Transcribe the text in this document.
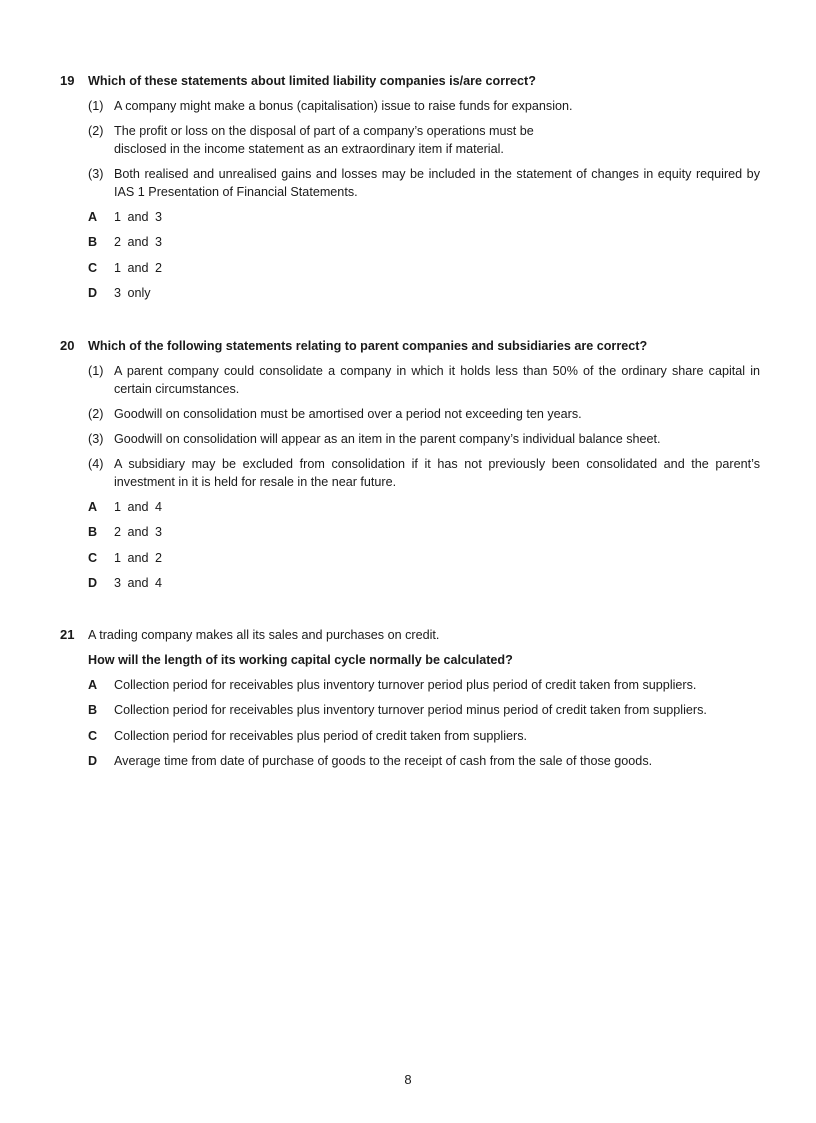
19	Which of these statements about limited liability companies is/are correct?
(1) A company might make a bonus (capitalisation) issue to raise funds for expansion.
(2) The profit or loss on the disposal of part of a company’s operations must be disclosed in the income statement as an extraordinary item if material.
(3) Both realised and unrealised gains and losses may be included in the statement of changes in equity required by IAS 1 Presentation of Financial Statements.
A	1 and 3
B	2 and 3
C	1 and 2
D	3 only
20	Which of the following statements relating to parent companies and subsidiaries are correct?
(1) A parent company could consolidate a company in which it holds less than 50% of the ordinary share capital in certain circumstances.
(2) Goodwill on consolidation must be amortised over a period not exceeding ten years.
(3) Goodwill on consolidation will appear as an item in the parent company’s individual balance sheet.
(4) A subsidiary may be excluded from consolidation if it has not previously been consolidated and the parent’s investment in it is held for resale in the near future.
A	1 and 4
B	2 and 3
C	1 and 2
D	3 and 4
21	A trading company makes all its sales and purchases on credit.
How will the length of its working capital cycle normally be calculated?
A	Collection period for receivables plus inventory turnover period plus period of credit taken from suppliers.
B	Collection period for receivables plus inventory turnover period minus period of credit taken from suppliers.
C	Collection period for receivables plus period of credit taken from suppliers.
D	Average time from date of purchase of goods to the receipt of cash from the sale of those goods.
8
